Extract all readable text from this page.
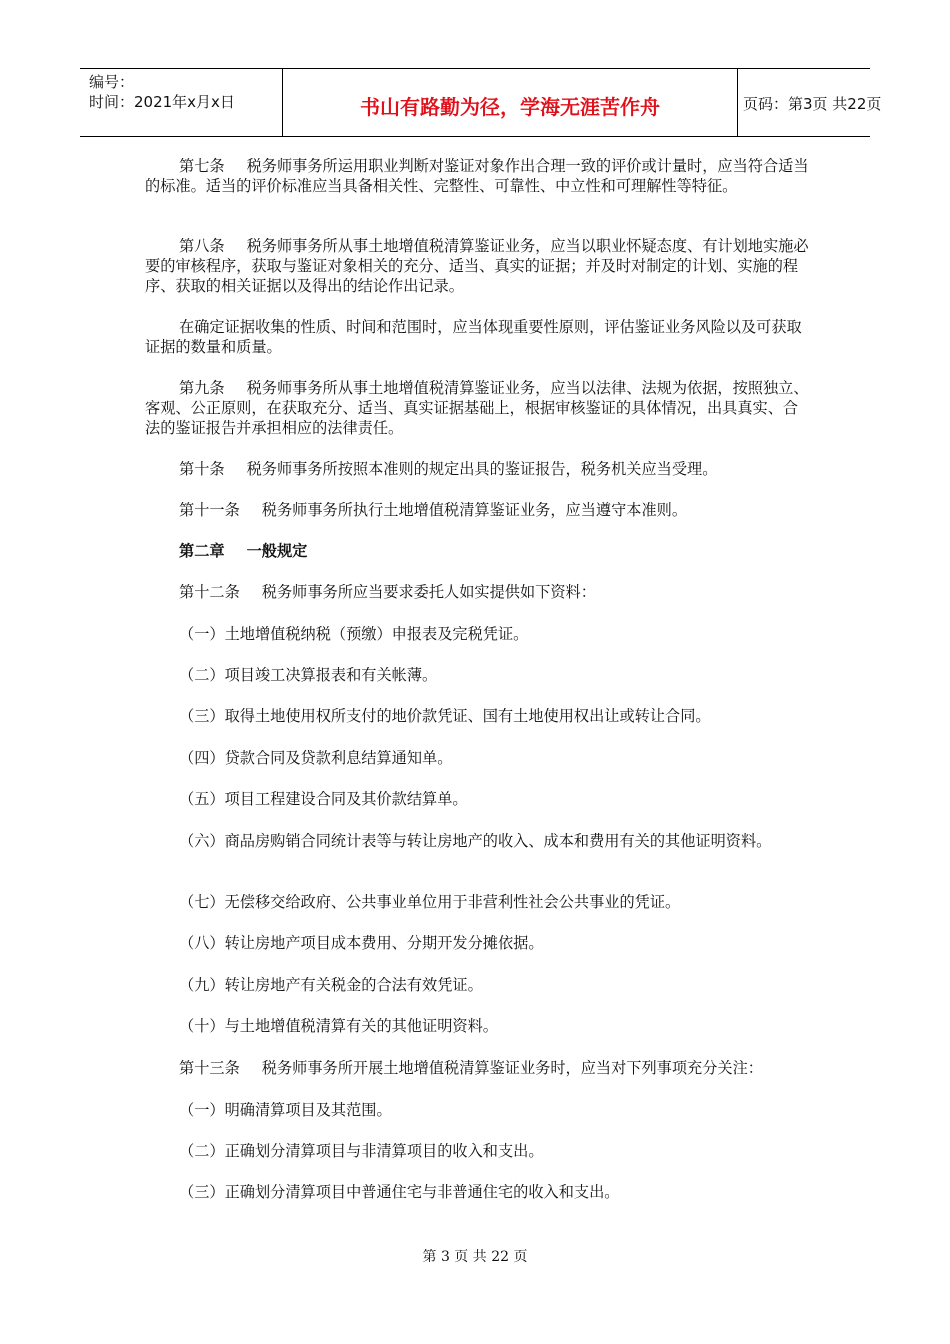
编号：
时间：2021年x月x日	书山有路勤为径，学海无涯苦作舟	页码：第3页 共22页
第七条 税务师事务所运用职业判断对鉴证对象作出合理一致的评价或计量时，应当符合适当的标准。适当的评价标准应当具备相关性、完整性、可靠性、中立性和可理解性等特征。
第八条 税务师事务所从事土地增值税清算鉴证业务，应当以职业怀疑态度、有计划地实施必要的审核程序，获取与鉴证对象相关的充分、适当、真实的证据；并及时对制定的计划、实施的程序、获取的相关证据以及得出的结论作出记录。
在确定证据收集的性质、时间和范围时，应当体现重要性原则，评估鉴证业务风险以及可获取证据的数量和质量。
第九条 税务师事务所从事土地增值税清算鉴证业务，应当以法律、法规为依据，按照独立、客观、公正原则，在获取充分、适当、真实证据基础上，根据审核鉴证的具体情况，出具真实、合法的鉴证报告并承担相应的法律责任。
第十条 税务师事务所按照本准则的规定出具的鉴证报告，税务机关应当受理。
第十一条 税务师事务所执行土地增值税清算鉴证业务，应当遵守本准则。
第二章 一般规定
第十二条 税务师事务所应当要求委托人如实提供如下资料：
（一）土地增值税纳税（预缴）申报表及完税凭证。
（二）项目竣工决算报表和有关帐薄。
（三）取得土地使用权所支付的地价款凭证、国有土地使用权出让或转让合同。
（四）贷款合同及贷款利息结算通知单。
（五）项目工程建设合同及其价款结算单。
（六）商品房购销合同统计表等与转让房地产的收入、成本和费用有关的其他证明资料。
（七）无偿移交给政府、公共事业单位用于非营利性社会公共事业的凭证。
（八）转让房地产项目成本费用、分期开发分摊依据。
（九）转让房地产有关税金的合法有效凭证。
（十）与土地增值税清算有关的其他证明资料。
第十三条 税务师事务所开展土地增值税清算鉴证业务时，应当对下列事项充分关注：
（一）明确清算项目及其范围。
（二）正确划分清算项目与非清算项目的收入和支出。
（三）正确划分清算项目中普通住宅与非普通住宅的收入和支出。
第 3 页 共 22 页
